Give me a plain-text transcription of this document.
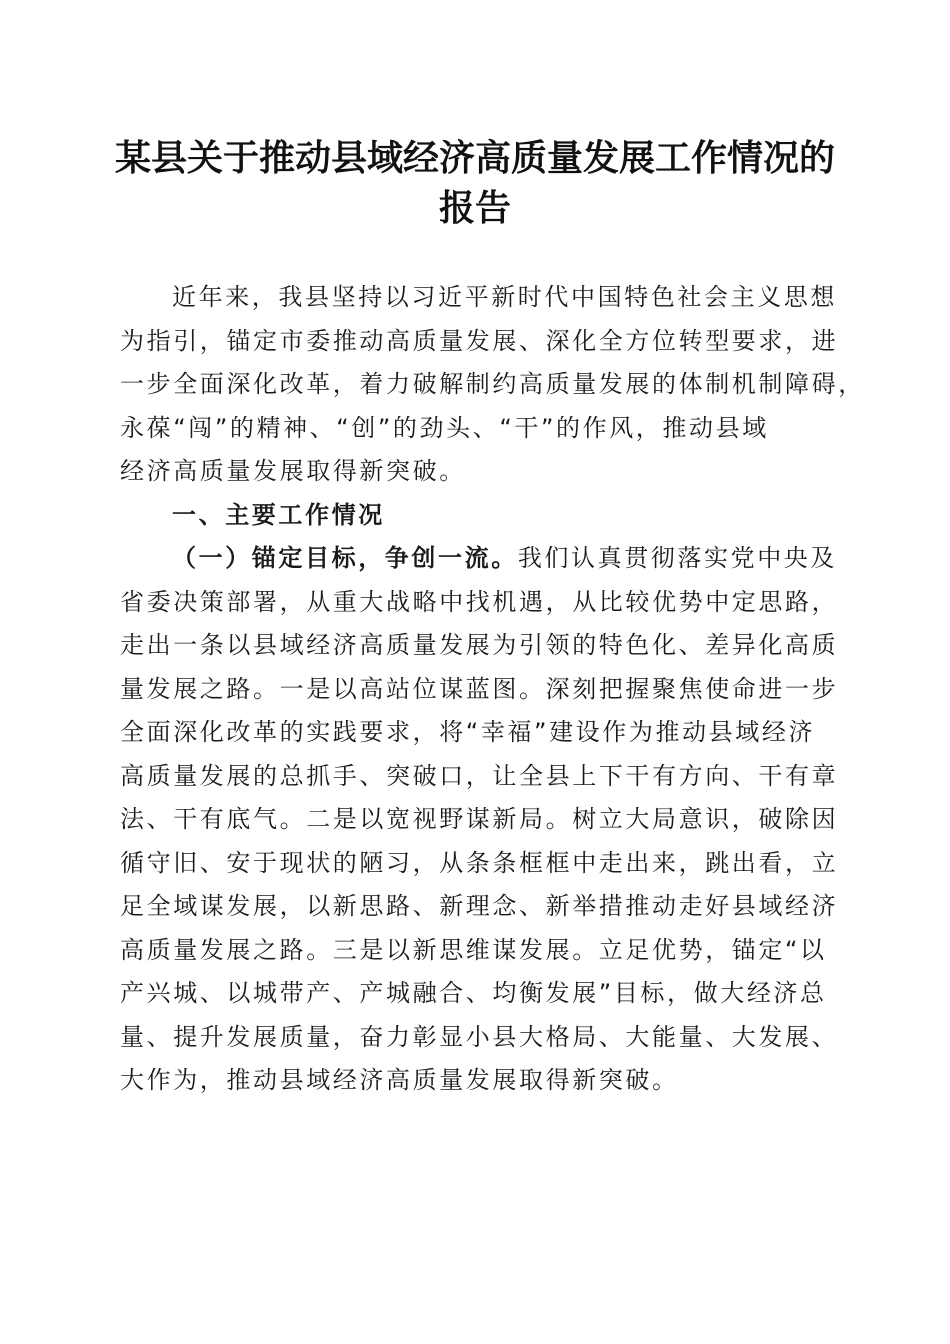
某县关于推动县域经济高质量发展工作情况的
报告
近年来，我县坚持以习近平新时代中国特色社会主义思想
为指引，锚定市委推动高质量发展、深化全方位转型要求，进
一步全面深化改革，着力破解制约高质量发展的体制机制障碍，
永葆“闯”的精神、“创”的劲头、“干”的作风，推动县域
经济高质量发展取得新突破。
一、主要工作情况
（一）锚定目标，争创一流。我们认真贯彻落实党中央及
省委决策部署，从重大战略中找机遇，从比较优势中定思路，
走出一条以县域经济高质量发展为引领的特色化、差异化高质
量发展之路。一是以高站位谋蓝图。深刻把握聚焦使命进一步
全面深化改革的实践要求，将“幸福”建设作为推动县域经济
高质量发展的总抓手、突破口，让全县上下干有方向、干有章
法、干有底气。二是以宽视野谋新局。树立大局意识，破除因
循守旧、安于现状的陋习，从条条框框中走出来，跳出看，立
足全域谋发展，以新思路、新理念、新举措推动走好县域经济
高质量发展之路。三是以新思维谋发展。立足优势，锚定“以
产兴城、以城带产、产城融合、均衡发展”目标，做大经济总
量、提升发展质量，奋力彰显小县大格局、大能量、大发展、
大作为，推动县域经济高质量发展取得新突破。
